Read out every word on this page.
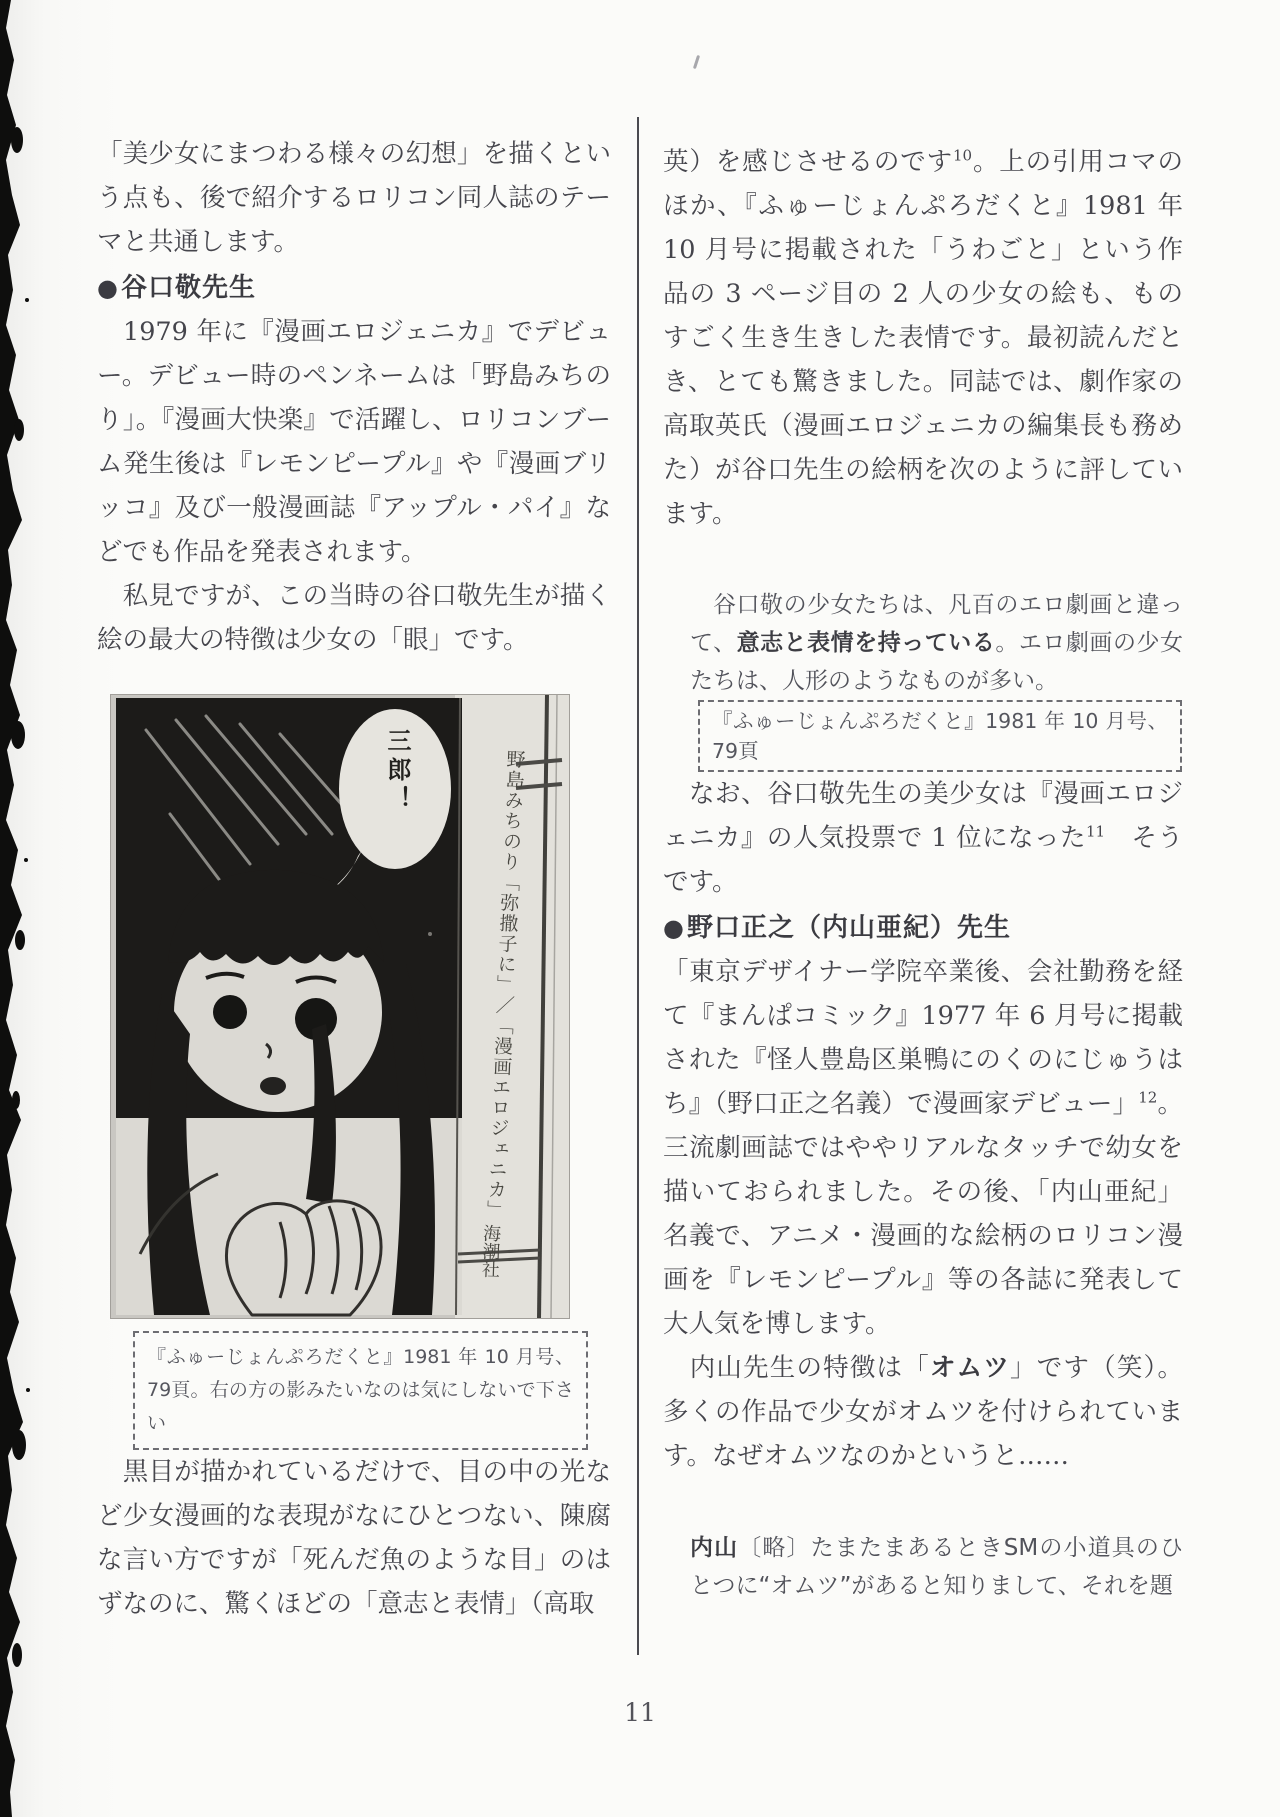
「美少女にまつわる様々の幻想」を描くという点も、後で紹介するロリコン同人誌のテーマと共通します。

●谷口敬先生

　1979 年に『漫画エロジェニカ』でデビュー。デビュー時のペンネームは「野島みちのり」。『漫画大快楽』で活躍し、ロリコンブーム発生後は『レモンピープル』や『漫画ブリッコ』及び一般漫画誌『アップル・パイ』などでも作品を発表されます。

　私見ですが、この当時の谷口敬先生が描く絵の最大の特徴は少女の「眼」です。

三郎！	野島みちのり「弥撒子に」／「漫画エロジェニカ」
海潮社
『ふゅーじょんぷろだくと』1981 年 10 月号、79頁。右の方の影みたいなのは気にしないで下さい

　黒目が描かれているだけで、目の中の光など少女漫画的な表現がなにひとつない、陳腐な言い方ですが「死んだ魚のような目」のはずなのに、驚くほどの「意志と表情」（高取

英）を感じさせるのです$^{10}$。上の引用コマのほか、『ふゅーじょんぷろだくと』1981 年 10 月号に掲載された「うわごと」という作品の 3 ページ目の 2 人の少女の絵も、ものすごく生き生きした表情です。最初読んだとき、とても驚きました。同誌では、劇作家の高取英氏（漫画エロジェニカの編集長も務めた）が谷口先生の絵柄を次のように評しています。

谷口敬の少女たちは、凡百のエロ劇画と違って、意志と表情を持っている。エロ劇画の少女たちは、人形のようなものが多い。
『ふゅーじょんぷろだくと』1981 年 10 月号、79頁

　なお、谷口敬先生の美少女は『漫画エロジェニカ』の人気投票で 1 位になった$^{11}$　そうです。

●野口正之（内山亜紀）先生

「東京デザイナー学院卒業後、会社勤務を経て『まんぱコミック』1977 年 6 月号に掲載された『怪人豊島区巣鴨にのくのにじゅうはち』（野口正之名義）で漫画家デビュー」$^{12}$。三流劇画誌ではややリアルなタッチで幼女を描いておられました。その後、「内山亜紀」名義で、アニメ・漫画的な絵柄のロリコン漫画を『レモンピープル』等の各誌に発表して大人気を博します。

　内山先生の特徴は「オムツ」です（笑）。多くの作品で少女がオムツを付けられています。なぜオムツなのかというと……

内山〔略〕たまたまあるときSMの小道具のひとつに“オムツ”があると知りまして、それを題
11
